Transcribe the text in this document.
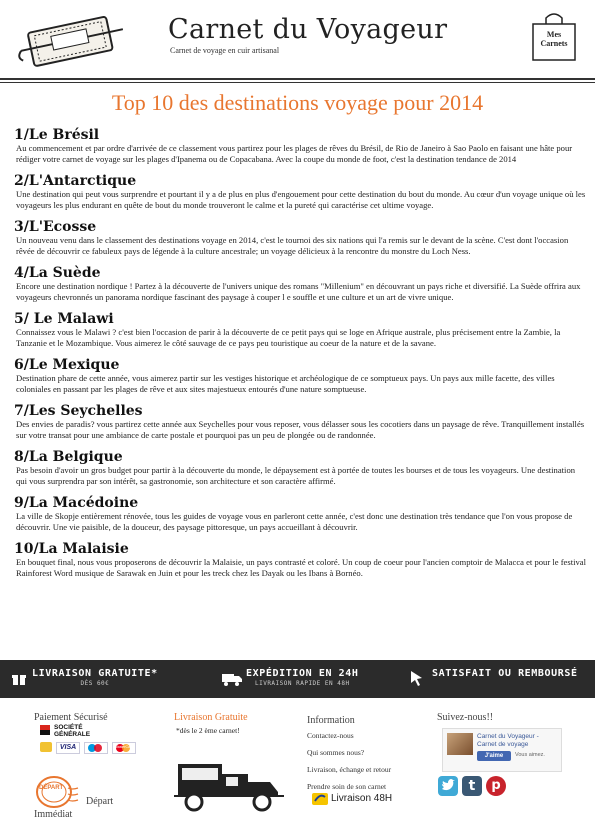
Carnet du Voyageur
Carnet de voyage en cuir artisanal
Mes
Carnets
Top 10 des destinations voyage pour 2014
1/Le Brésil

Au commencement et par ordre d'arrivée de ce classement vous partirez pour les plages de rêves du Brésil, de Rio de Janeiro à Sao Paolo en faisant une hâte pour rédiger votre carnet de voyage sur les plages d'Ipanema ou de Copacabana. Avec la coupe du monde de foot, c'est la destination tendance de 2014

2/L'Antarctique

Une destination qui peut vous surprendre et pourtant il y a de plus en plus d'engouement pour cette destination du bout du monde. Au cœur d'un voyage unique où les voyageurs les plus endurant en quête de bout du monde trouveront le calme et la pureté qui caractérise cet ultime voyage.

3/L'Ecosse

Un nouveau venu dans le classement des destinations voyage en 2014, c'est le tournoi des six nations qui l'a remis sur le devant de la scène. C'est dont l'occasion rêvée de découvrir ce fabuleux pays de légende à la culture ancestrale; un voyage délicieux à la rencontre du monstre du Loch Ness.

4/La Suède

Encore une destination nordique ! Partez à la découverte de l'univers unique des romans "Millenium" en découvrant un pays riche et diversifié. La Suède offrira aux voyageurs chevronnés un panorama nordique fascinant des paysage à couper l e souffle et une culture et un art de vivre unique.

5/ Le Malawi

Connaissez vous le Malawi ? c'est bien l'occasion de parir à la découverte de ce petit pays qui se loge en Afrique australe, plus précisement entre la Zambie, la Tanzanie et le Mozambique. Vous aimerez le côté sauvage de ce pays peu touristique au coeur de la nature et de la savane.

6/Le Mexique

Destination phare de cette année, vous aimerez partir sur les vestiges historique et archéologique de ce somptueux pays. Un pays aux mille facette, des villes coloniales en passant par les plages de rêve et aux sites majestueux entourés d'une nature somptueuse.

7/Les Seychelles

Des envies de paradis? vous partirez cette année aux Seychelles pour vous reposer, vous délasser sous les cocotiers dans un paysage de rêve. Tranquillement installés sur votre transat pour une ambiance de carte postale et pourquoi pas un peu de plongée ou de randonnée.

8/La Belgique

Pas besoin d'avoir un gros budget pour partir à la découverte du monde, le dépaysement est à portée de toutes les bourses et de tous les voyageurs. Une destination qui vous surprendra par son intérêt, sa gastronomie, son architecture et son caractère affirmé.

9/La Macédoine

La ville de Skopje entièrement rénovée, tous les guides de voyage vous en parleront cette année, c'est donc une destination très tendance que l'on vous propose de découvrir. Une vie paisible, de la douceur, des paysage pittoresque, un pays accueillant à découvrir.

10/La Malaisie

En bouquet final, nous vous proposerons de découvrir la Malaisie, un pays contrasté et coloré. Un coup de coeur pour l'ancien comptoir de Malacca et pour le festival Rainforest Word musique de Sarawak en Juin et pour les treck chez les Dayak ou les Ibans à Bornéo.

LIVRAISON GRATUITE*
DÈS 60€
EXPÉDITION EN 24H
LIVRAISON RAPIDE EN 48H
SATISFAIT OU REMBOURSÉ
Paiement Sécurisé
SOCIÉTÉ
GÉNÉRALE
VISA	MasterCard
DÉPART
Départ
Immédiat
Livraison Gratuite
*dès le 2 ème carnet!
Information
Contactez-nous
Qui sommes nous?
Livraison, échange et retour
Prendre soin de son carnet
Livraison 48H
Suivez-nous!!
Carnet du Voyageur - Carnet de voyage
J'aime	Vous aimez.
t	p
